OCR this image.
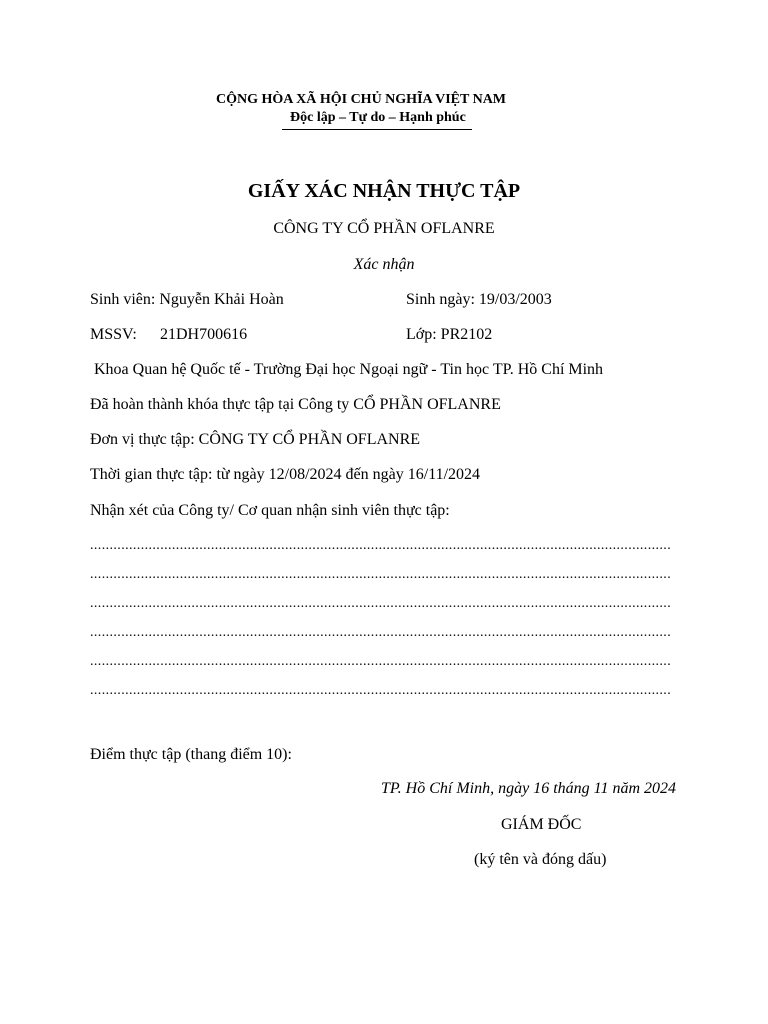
CỘNG HÒA XÃ HỘI CHỦ NGHĨA VIỆT NAM
Độc lập – Tự do – Hạnh phúc
GIẤY XÁC NHẬN THỰC TẬP
CÔNG TY CỔ PHẦN OFLANRE
Xác nhận
Sinh viên: Nguyễn Khải Hoàn	Sinh ngày: 19/03/2003
MSSV: 21DH700616	Lớp: PR2102
Khoa Quan hệ Quốc tế - Trường Đại học Ngoại ngữ - Tin học TP. Hồ Chí Minh
Đã hoàn thành khóa thực tập tại Công ty CỔ PHẦN OFLANRE
Đơn vị thực tập: CÔNG TY CỔ PHẦN OFLANRE
Thời gian thực tập: từ ngày 12/08/2024 đến ngày 16/11/2024
Nhận xét của Công ty/ Cơ quan nhận sinh viên thực tập:
.....................................................................................................................................................
.....................................................................................................................................................
.....................................................................................................................................................
.....................................................................................................................................................
.....................................................................................................................................................
.....................................................................................................................................................
Điểm thực tập (thang điểm 10):
TP. Hồ Chí Minh, ngày 16 tháng 11 năm 2024
GIÁM ĐỐC
(ký tên và đóng dấu)
